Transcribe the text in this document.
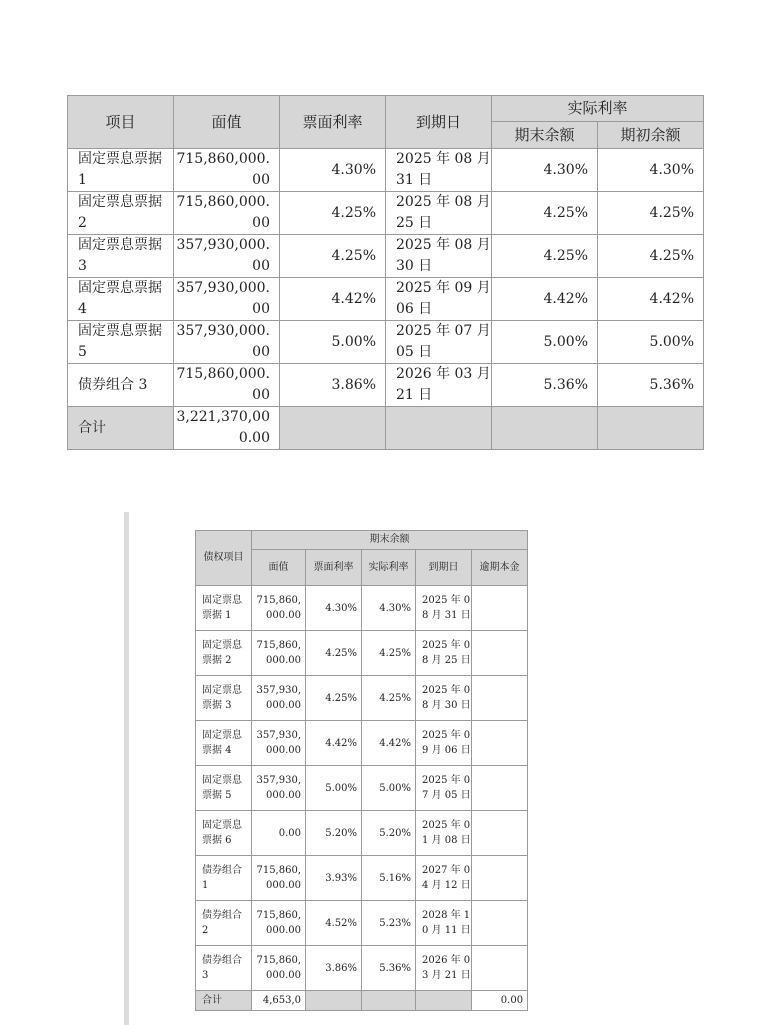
项目	面值	票面利率	到期日	实际利率	
				期末余额	期初余额
固定票息票据 1	715,860,000.00	4.30%	2025 年 08 月 31 日	4.30%	4.30%
固定票息票据 2	715,860,000.00	4.25%	2025 年 08 月 25 日	4.25%	4.25%
固定票息票据 3	357,930,000.00	4.25%	2025 年 08 月 30 日	4.25%	4.25%
固定票息票据 4	357,930,000.00	4.42%	2025 年 09 月 06 日	4.42%	4.42%
固定票息票据 5	357,930,000.00	5.00%	2025 年 07 月 05 日	5.00%	5.00%
债券组合 3	715,860,000.00	3.86%	2026 年 03 月 21 日	5.36%	5.36%
合计	3,221,370,000.00				
债权项目	期末余额				
	面值	票面利率	实际利率	到期日	逾期本金
固定票息票据 1	715,860,000.00	4.30%	4.30%	2025 年 08 月 31 日	
固定票息票据 2	715,860,000.00	4.25%	4.25%	2025 年 08 月 25 日	
固定票息票据 3	357,930,000.00	4.25%	4.25%	2025 年 08 月 30 日	
固定票息票据 4	357,930,000.00	4.42%	4.42%	2025 年 09 月 06 日	
固定票息票据 5	357,930,000.00	5.00%	5.00%	2025 年 07 月 05 日	
固定票息票据 6	0.00	5.20%	5.20%	2025 年 01 月 08 日	
债券组合 1	715,860,000.00	3.93%	5.16%	2027 年 04 月 12 日	
债券组合 2	715,860,000.00	4.52%	5.23%	2028 年 10 月 11 日	
债券组合 3	715,860,000.00	3.86%	5.36%	2026 年 03 月 21 日	
合计	4,653,0				0.00
